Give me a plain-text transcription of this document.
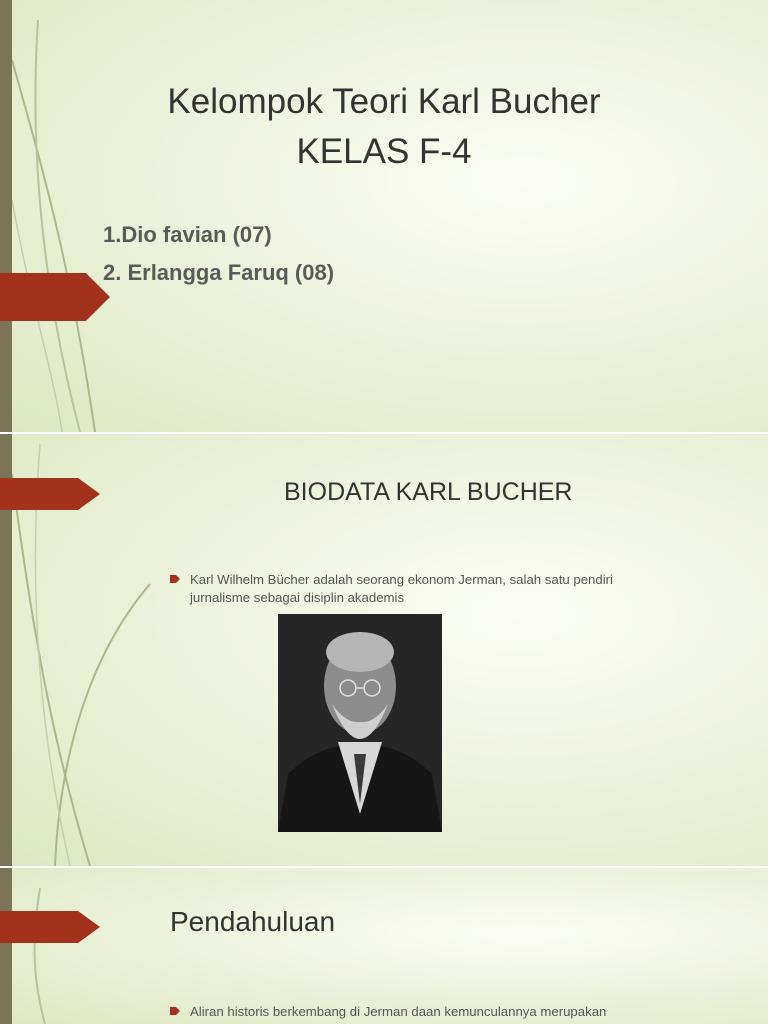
Kelompok Teori Karl Bucher
KELAS F-4
1.Dio favian (07)
2. Erlangga Faruq (08)
BIODATA KARL BUCHER
Karl Wilhelm Bücher adalah seorang ekonom Jerman, salah satu pendiri
jurnalisme sebagai disiplin akademis
Pendahuluan
Aliran historis berkembang di Jerman daan kemunculannya merupakan
